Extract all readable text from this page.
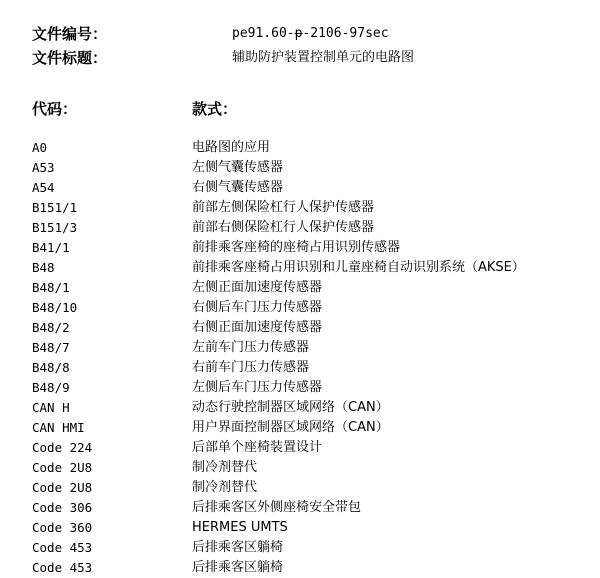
文件编号：	pe91.60-p-2106-97sec
文件标题：	辅助防护装置控制单元的电路图
代码：	款式：
A0	电路图的应用
A53	左侧气囊传感器
A54	右侧气囊传感器
B151/1	前部左侧保险杠行人保护传感器
B151/3	前部右侧保险杠行人保护传感器
B41/1	前排乘客座椅的座椅占用识别传感器
B48	前排乘客座椅占用识别和儿童座椅自动识别系统（AKSE）
B48/1	左侧正面加速度传感器
B48/10	右侧后车门压力传感器
B48/2	右侧正面加速度传感器
B48/7	左前车门压力传感器
B48/8	右前车门压力传感器
B48/9	左侧后车门压力传感器
CAN H	动态行驶控制器区域网络（CAN）
CAN HMI	用户界面控制器区域网络（CAN）
Code 224	后部单个座椅装置设计
Code 2U8	制冷剂替代
Code 2U8	制冷剂替代
Code 306	后排乘客区外侧座椅安全带包
Code 360	HERMES UMTS
Code 453	后排乘客区躺椅
Code 453	后排乘客区躺椅
